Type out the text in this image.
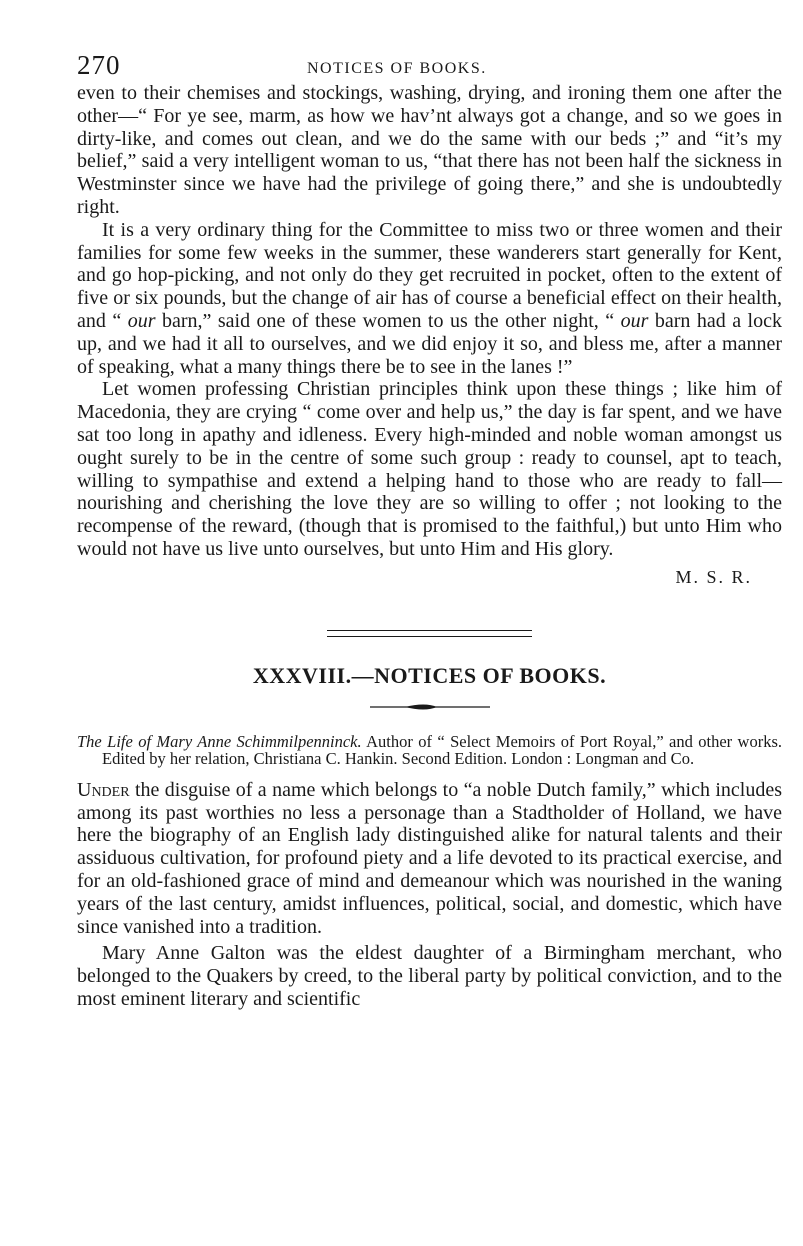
270	NOTICES OF BOOKS.

even to their chemises and stockings, washing, drying, and ironing them one after the other—“ For ye see, marm, as how we hav’nt always got a change, and so we goes in dirty-like, and comes out clean, and we do the same with our beds ;” and “it’s my belief,” said a very intelligent woman to us, “that there has not been half the sickness in Westminster since we have had the privilege of going there,” and she is undoubtedly right.

It is a very ordinary thing for the Committee to miss two or three women and their families for some few weeks in the summer, these wanderers start generally for Kent, and go hop-picking, and not only do they get recruited in pocket, often to the extent of five or six pounds, but the change of air has of course a beneficial effect on their health, and “ our barn,” said one of these women to us the other night, “ our barn had a lock up, and we had it all to ourselves, and we did enjoy it so, and bless me, after a manner of speaking, what a many things there be to see in the lanes !”

Let women professing Christian principles think upon these things ; like him of Macedonia, they are crying “ come over and help us,” the day is far spent, and we have sat too long in apathy and idleness. Every high-minded and noble woman amongst us ought surely to be in the centre of some such group : ready to counsel, apt to teach, willing to sympathise and extend a helping hand to those who are ready to fall—nourishing and cherishing the love they are so willing to offer ; not looking to the recompense of the reward, (though that is promised to the faithful,) but unto Him who would not have us live unto ourselves, but unto Him and His glory.

M. S. R.

XXXVIII.—NOTICES OF BOOKS.

The Life of Mary Anne Schimmilpenninck. Author of “ Select Memoirs of Port Royal,” and other works. Edited by her relation, Christiana C. Hankin. Second Edition. London : Longman and Co.

Under the disguise of a name which belongs to “a noble Dutch family,” which includes among its past worthies no less a personage than a Stadtholder of Holland, we have here the biography of an English lady distinguished alike for natural talents and their assiduous cultivation, for profound piety and a life devoted to its practical exercise, and for an old-fashioned grace of mind and demeanour which was nourished in the waning years of the last century, amidst influences, political, social, and domestic, which have since vanished into a tradition.

Mary Anne Galton was the eldest daughter of a Birmingham merchant, who belonged to the Quakers by creed, to the liberal party by political conviction, and to the most eminent literary and scientific
